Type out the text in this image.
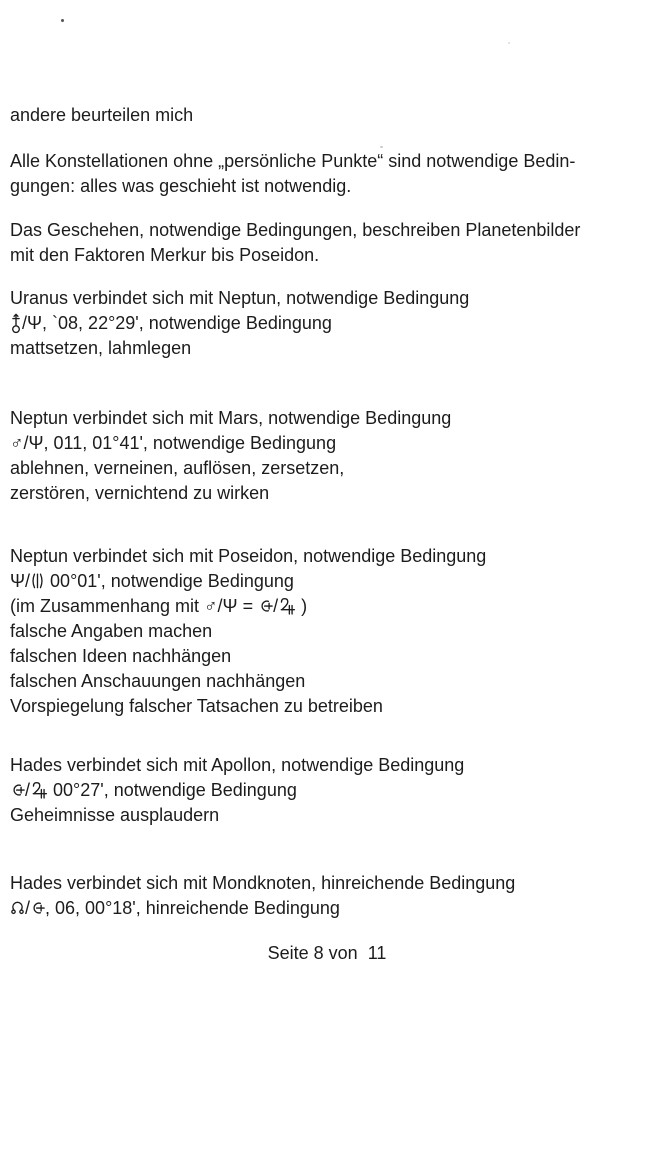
andere beurteilen mich
Alle Konstellationen ohne „persönliche Punkte“ sind notwendige Bedin-
gungen: alles was geschieht ist notwendig.
Das Geschehen, notwendige Bedingungen, beschreiben Planetenbilder
mit den Faktoren Merkur bis Poseidon.
Uranus verbindet sich mit Neptun, notwendige Bedingung
/Ψ, `08, 22°29', notwendige Bedingung
mattsetzen, lahmlegen
Neptun verbindet sich mit Mars, notwendige Bedingung
♂/Ψ, 011, 01°41', notwendige Bedingung
ablehnen, verneinen, auflösen, zersetzen,
zerstören, vernichtend zu wirken
Neptun verbindet sich mit Poseidon, notwendige Bedingung
Ψ/ 00°01', notwendige Bedingung
(im Zusammenhang mit ♂/Ψ = / )
falsche Angaben machen
falschen Ideen nachhängen
falschen Anschauungen nachhängen
Vorspiegelung falscher Tatsachen zu betreiben
Hades verbindet sich mit Apollon, notwendige Bedingung
/ 00°27', notwendige Bedingung
Geheimnisse ausplaudern
Hades verbindet sich mit Mondknoten, hinreichende Bedingung
/ , 06, 00°18', hinreichende Bedingung
Seite 8 von  11
